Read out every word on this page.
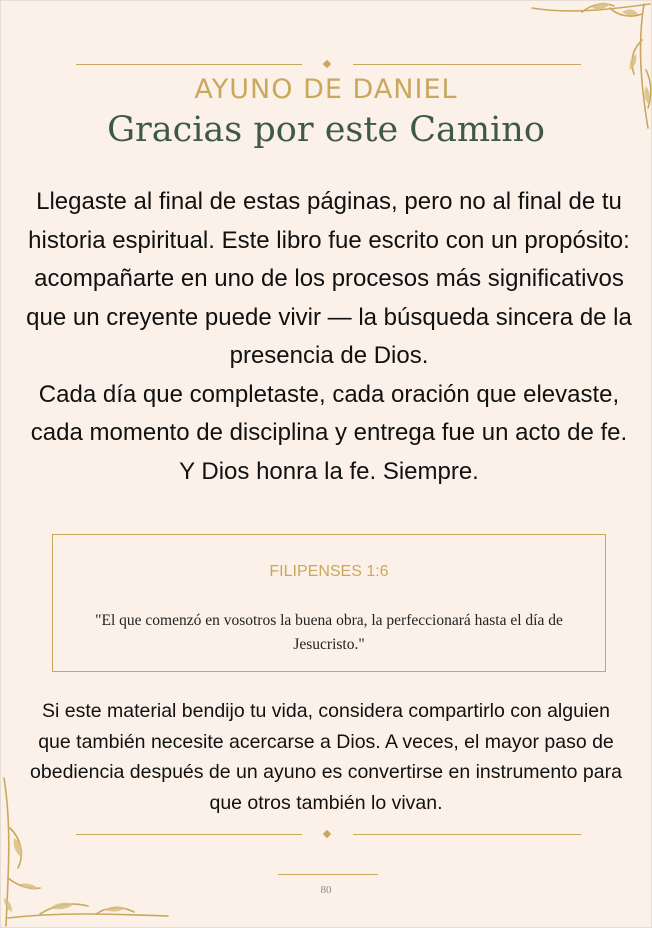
AYUNO DE DANIEL
Gracias por este Camino

Llegaste al final de estas páginas, pero no al final de tu historia espiritual. Este libro fue escrito con un propósito: acompañarte en uno de los procesos más significativos que un creyente puede vivir — la búsqueda sincera de la presencia de Dios.

Cada día que completaste, cada oración que elevaste, cada momento de disciplina y entrega fue un acto de fe. Y Dios honra la fe. Siempre.

FILIPENSES 1:6
"El que comenzó en vosotros la buena obra, la perfeccionará hasta el día de Jesucristo."
Si este material bendijo tu vida, considera compartirlo con alguien que también necesite acercarse a Dios. A veces, el mayor paso de obediencia después de un ayuno es convertirse en instrumento para que otros también lo vivan.
80
